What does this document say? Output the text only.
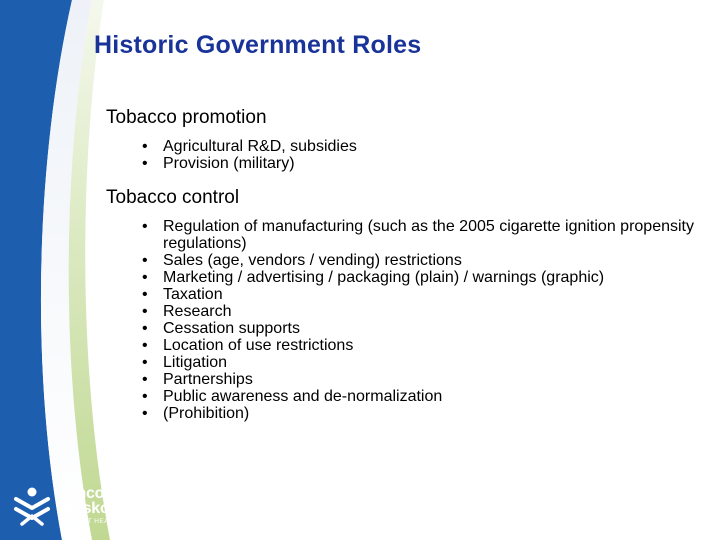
Historic Government Roles
Tobacco promotion
• Agricultural R&D, subsidies
• Provision (military)
Tobacco control
• Regulation of manufacturing (such as the 2005 cigarette ignition propensity regulations)
• Sales (age, vendors / vending) restrictions
• Marketing / advertising / packaging (plain) / warnings (graphic)
• Taxation
• Research
• Cessation supports
• Location of use restrictions
• Litigation
• Partnerships
• Public awareness and de-normalization
• (Prohibition)
simcoe
muskoka
DISTRICT HEALTH UNIT
